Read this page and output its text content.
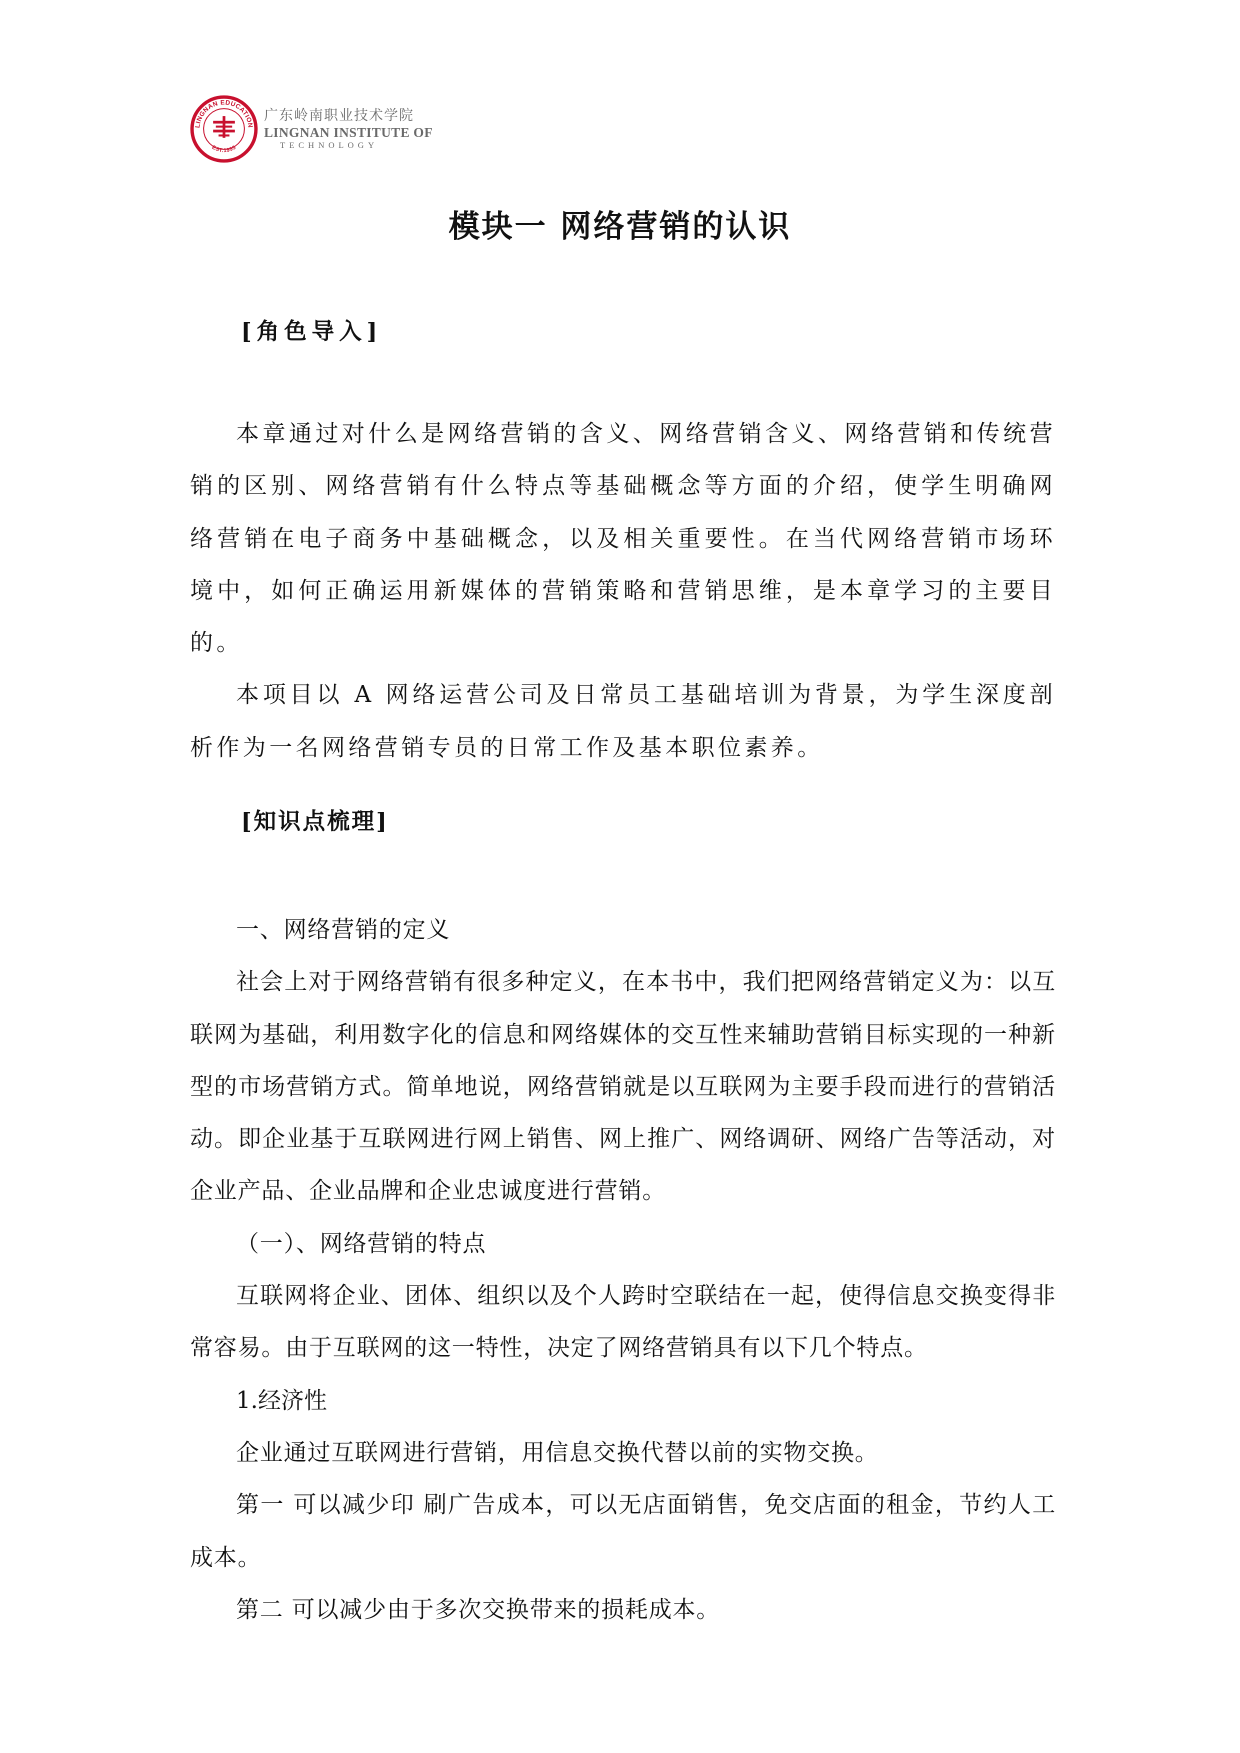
LINGNAN EDUCATION
EST.1993
广东岭南职业技术学院
LINGNAN INSTITUTE OF
TECHNOLOGY
模块一 网络营销的认识
[角色导入]

本章通过对什么是网络营销的含义、网络营销含义、网络营销和传统营销的区别、网络营销有什么特点等基础概念等方面的介绍，使学生明确网络营销在电子商务中基础概念，以及相关重要性。在当代网络营销市场环境中，如何正确运用新媒体的营销策略和营销思维，是本章学习的主要目的。

本项目以 A 网络运营公司及日常员工基础培训为背景，为学生深度剖析作为一名网络营销专员的日常工作及基本职位素养。

[知识点梳理]

一、网络营销的定义

社会上对于网络营销有很多种定义，在本书中，我们把网络营销定义为：以互联网为基础，利用数字化的信息和网络媒体的交互性来辅助营销目标实现的一种新型的市场营销方式。简单地说，网络营销就是以互联网为主要手段而进行的营销活动。即企业基于互联网进行网上销售、网上推广、网络调研、网络广告等活动，对企业产品、企业品牌和企业忠诚度进行营销。

（一）、网络营销的特点

互联网将企业、团体、组织以及个人跨时空联结在一起，使得信息交换变得非常容易。由于互联网的这一特性，决定了网络营销具有以下几个特点。

1.经济性

企业通过互联网进行营销，用信息交换代替以前的实物交换。

第一 可以减少印 刷广告成本，可以无店面销售，免交店面的租金，节约人工成本。

第二 可以减少由于多次交换带来的损耗成本。
